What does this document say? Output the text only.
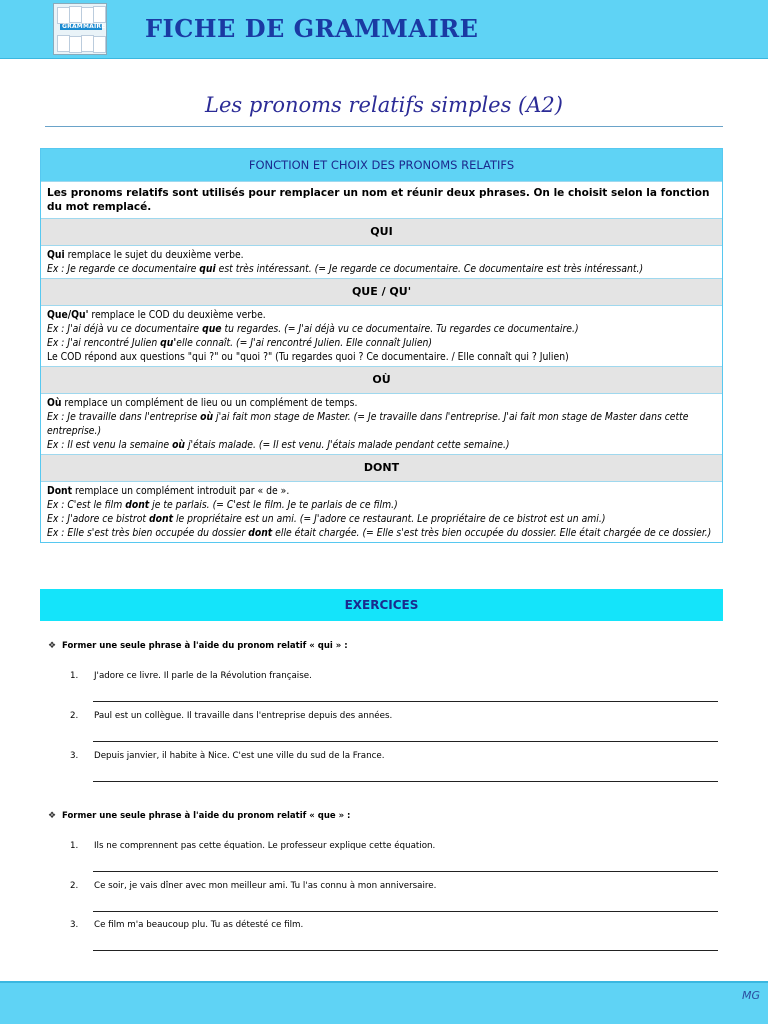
GRAMMAIRE FICHE DE GRAMMAIRE
Les pronoms relatifs simples (A2)
FONCTION ET CHOIX DES PRONOMS RELATIFS
Les pronoms relatifs sont utilisés pour remplacer un nom et réunir deux phrases. On le choisit selon la fonction du mot remplacé.
QUI

Qui remplace le sujet du deuxième verbe.

Ex : Je regarde ce documentaire qui est très intéressant. (= Je regarde ce documentaire. Ce documentaire est très intéressant.)

QUE / QU'

Que/Qu' remplace le COD du deuxième verbe.

Ex : J'ai déjà vu ce documentaire que tu regardes. (= J'ai déjà vu ce documentaire. Tu regardes ce documentaire.)

Ex : J'ai rencontré Julien qu'elle connaît. (= J'ai rencontré Julien. Elle connaît Julien)

Le COD répond aux questions "qui ?" ou "quoi ?" (Tu regardes quoi ? Ce documentaire. / Elle connaît qui ? Julien)

OÙ

Où remplace un complément de lieu ou un complément de temps.

Ex : Je travaille dans l'entreprise où j'ai fait mon stage de Master. (= Je travaille dans l'entreprise. J'ai fait mon stage de Master dans cette entreprise.)

Ex : Il est venu la semaine où j'étais malade. (= Il est venu. J'étais malade pendant cette semaine.)

DONT

Dont remplace un complément introduit par « de ».

Ex : C'est le film dont je te parlais. (= C'est le film. Je te parlais de ce film.)

Ex : J'adore ce bistrot dont le propriétaire est un ami. (= J'adore ce restaurant. Le propriétaire de ce bistrot est un ami.)

Ex : Elle s'est très bien occupée du dossier dont elle était chargée. (= Elle s'est très bien occupée du dossier. Elle était chargée de ce dossier.)

EXERCICES
❖ Former une seule phrase à l'aide du pronom relatif « qui » :
1. J'adore ce livre. Il parle de la Révolution française.
2. Paul est un collègue. Il travaille dans l'entreprise depuis des années.
3. Depuis janvier, il habite à Nice. C'est une ville du sud de la France.
❖ Former une seule phrase à l'aide du pronom relatif « que » :
1. Ils ne comprennent pas cette équation. Le professeur explique cette équation.
2. Ce soir, je vais dîner avec mon meilleur ami. Tu l'as connu à mon anniversaire.
3. Ce film m'a beaucoup plu. Tu as détesté ce film.
MG
